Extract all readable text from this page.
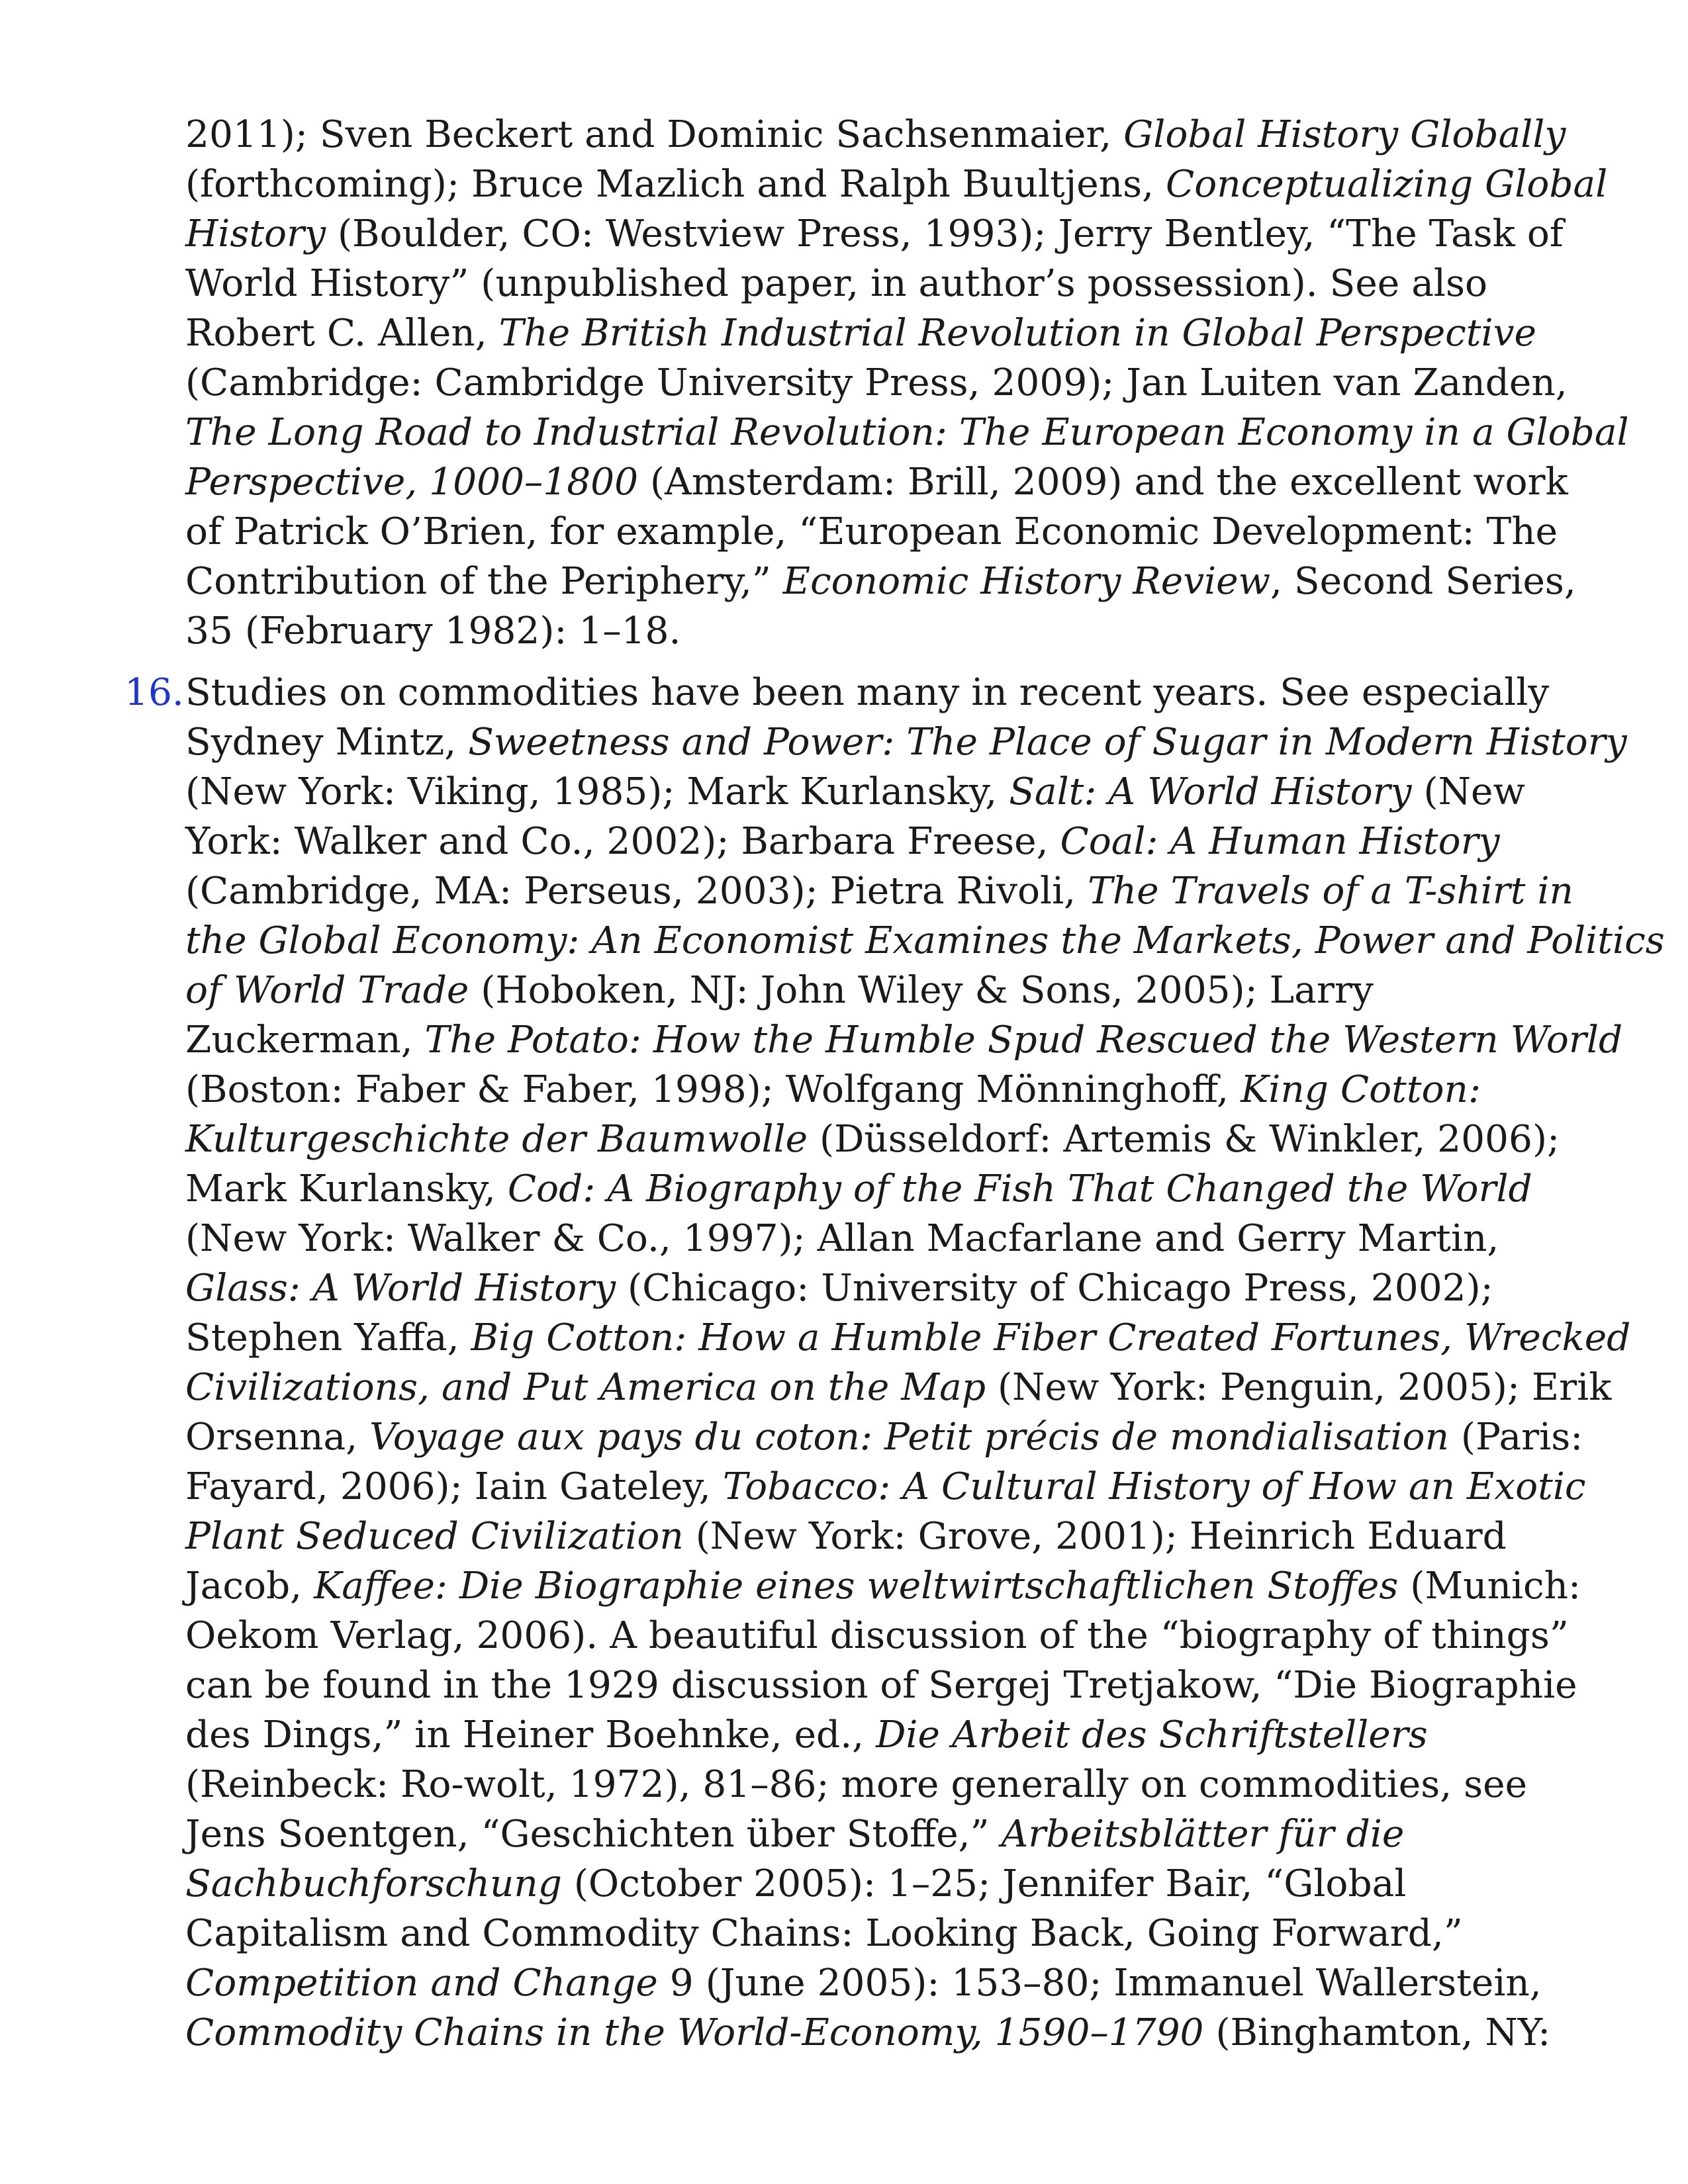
2011); Sven Beckert and Dominic Sachsenmaier, Global History Globally
(forthcoming); Bruce Mazlich and Ralph Buultjens, Conceptualizing Global
History (Boulder, CO: Westview Press, 1993); Jerry Bentley, “The Task of
World History” (unpublished paper, in author’s possession). See also
Robert C. Allen, The British Industrial Revolution in Global Perspective
(Cambridge: Cambridge University Press, 2009); Jan Luiten van Zanden,
The Long Road to Industrial Revolution: The European Economy in a Global
Perspective, 1000–1800 (Amsterdam: Brill, 2009) and the excellent work
of Patrick O’Brien, for example, “European Economic Development: The
Contribution of the Periphery,” Economic History Review, Second Series,
35 (February 1982): 1–18.
16. Studies on commodities have been many in recent years. See especially
Sydney Mintz, Sweetness and Power: The Place of Sugar in Modern History
(New York: Viking, 1985); Mark Kurlansky, Salt: A World History (New
York: Walker and Co., 2002); Barbara Freese, Coal: A Human History
(Cambridge, MA: Perseus, 2003); Pietra Rivoli, The Travels of a T-shirt in
the Global Economy: An Economist Examines the Markets, Power and Politics
of World Trade (Hoboken, NJ: John Wiley & Sons, 2005); Larry
Zuckerman, The Potato: How the Humble Spud Rescued the Western World
(Boston: Faber & Faber, 1998); Wolfgang Mönninghoff, King Cotton:
Kulturgeschichte der Baumwolle (Düsseldorf: Artemis & Winkler, 2006);
Mark Kurlansky, Cod: A Biography of the Fish That Changed the World
(New York: Walker & Co., 1997); Allan Macfarlane and Gerry Martin,
Glass: A World History (Chicago: University of Chicago Press, 2002);
Stephen Yaffa, Big Cotton: How a Humble Fiber Created Fortunes, Wrecked
Civilizations, and Put America on the Map (New York: Penguin, 2005); Erik
Orsenna, Voyage aux pays du coton: Petit précis de mondialisation (Paris:
Fayard, 2006); Iain Gateley, Tobacco: A Cultural History of How an Exotic
Plant Seduced Civilization (New York: Grove, 2001); Heinrich Eduard
Jacob, Kaffee: Die Biographie eines weltwirtschaftlichen Stoffes (Munich:
Oekom Verlag, 2006). A beautiful discussion of the “biography of things”
can be found in the 1929 discussion of Sergej Tretjakow, “Die Biographie
des Dings,” in Heiner Boehnke, ed., Die Arbeit des Schriftstellers
(Reinbeck: Ro-wolt, 1972), 81–86; more generally on commodities, see
Jens Soentgen, “Geschichten über Stoffe,” Arbeitsblätter für die
Sachbuchforschung (October 2005): 1–25; Jennifer Bair, “Global
Capitalism and Commodity Chains: Looking Back, Going Forward,”
Competition and Change 9 (June 2005): 153–80; Immanuel Wallerstein,
Commodity Chains in the World-Economy, 1590–1790 (Binghamton, NY:
